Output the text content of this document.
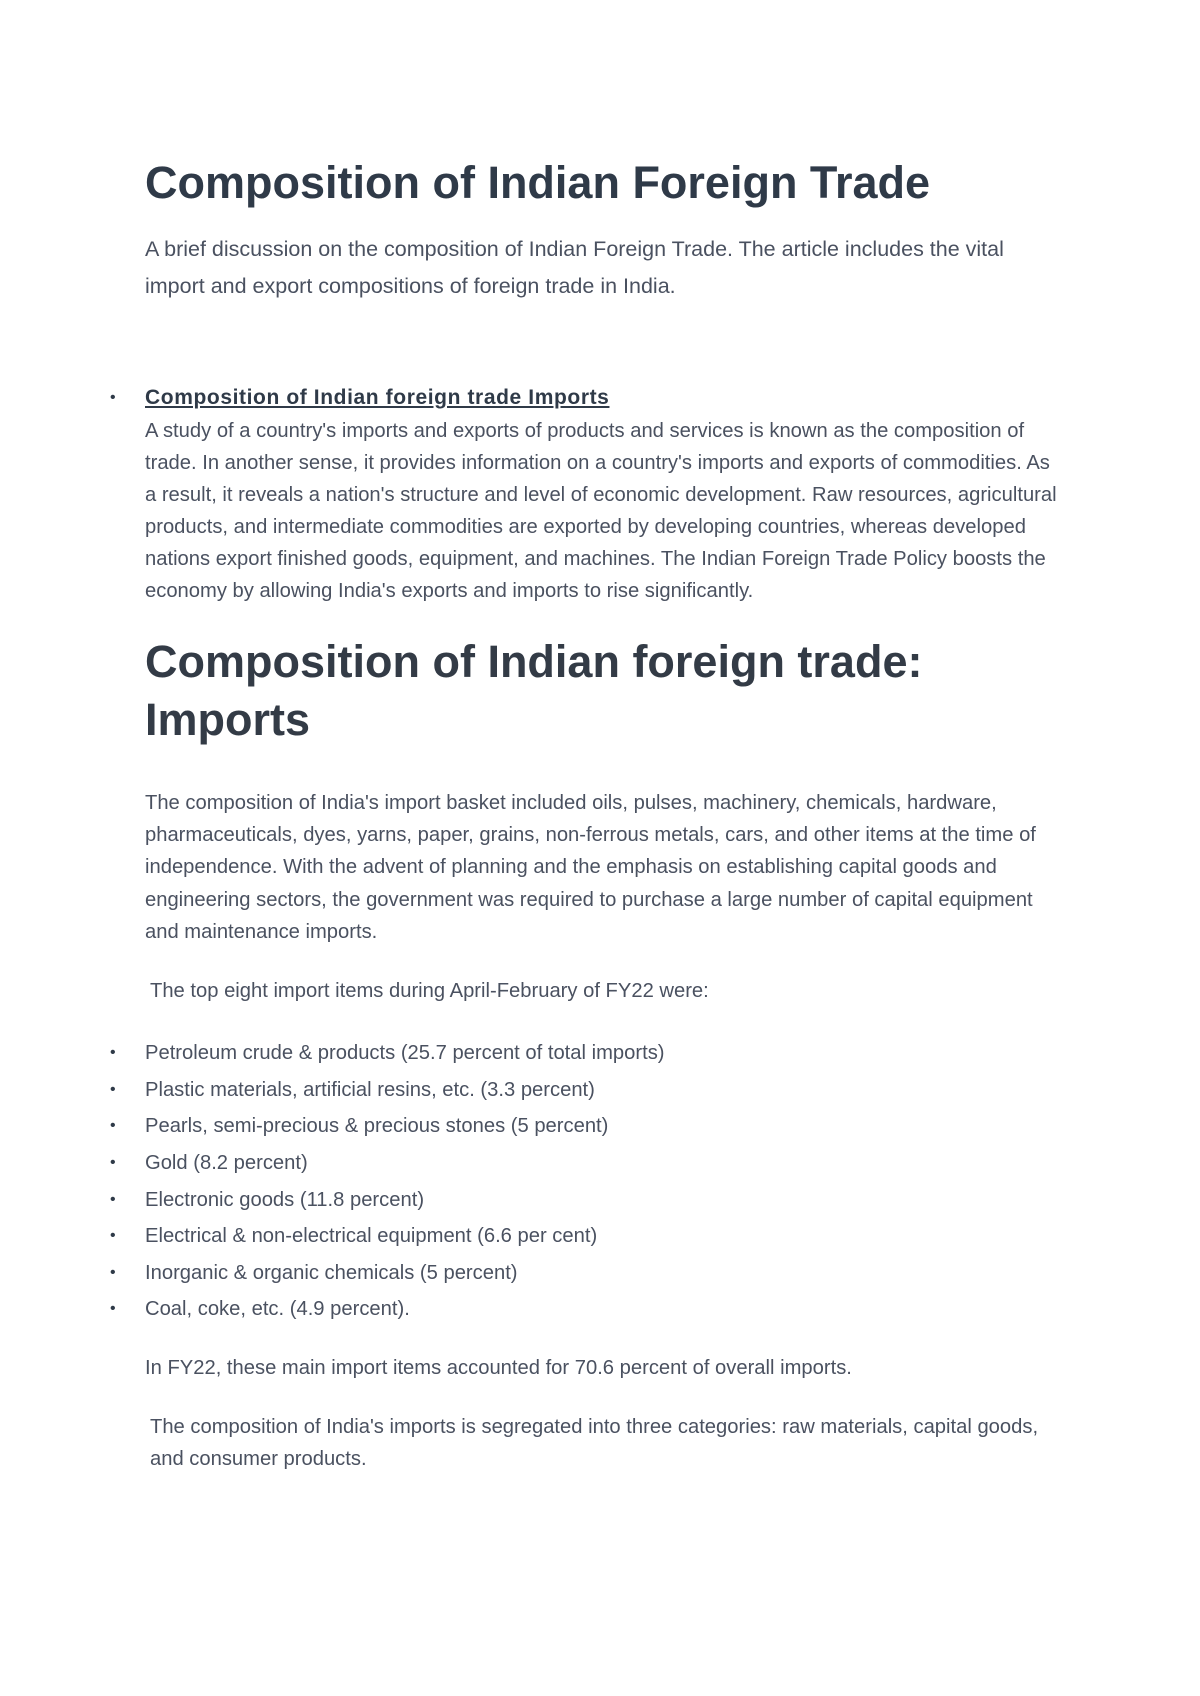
Composition of Indian Foreign Trade

A brief discussion on the composition of Indian Foreign Trade. The article includes the vital import and export compositions of foreign trade in India.

• Composition of Indian foreign trade Imports

A study of a country's imports and exports of products and services is known as the composition of trade. In another sense, it provides information on a country's imports and exports of commodities. As a result, it reveals a nation's structure and level of economic development. Raw resources, agricultural products, and intermediate commodities are exported by developing countries, whereas developed nations export finished goods, equipment, and machines. The Indian Foreign Trade Policy boosts the economy by allowing India's exports and imports to rise significantly.

Composition of Indian foreign trade: Imports

The composition of India's import basket included oils, pulses, machinery, chemicals, hardware, pharmaceuticals, dyes, yarns, paper, grains, non-ferrous metals, cars, and other items at the time of independence. With the advent of planning and the emphasis on establishing capital goods and engineering sectors, the government was required to purchase a large number of capital equipment and maintenance imports.

The top eight import items during April-February of FY22 were:

• Petroleum crude & products (25.7 percent of total imports)
• Plastic materials, artificial resins, etc. (3.3 percent)
• Pearls, semi-precious & precious stones (5 percent)
• Gold (8.2 percent)
• Electronic goods (11.8 percent)
• Electrical & non-electrical equipment (6.6 per cent)
• Inorganic & organic chemicals (5 percent)
• Coal, coke, etc. (4.9 percent).

In FY22, these main import items accounted for 70.6 percent of overall imports.

The composition of India's imports is segregated into three categories: raw materials, capital goods, and consumer products.
